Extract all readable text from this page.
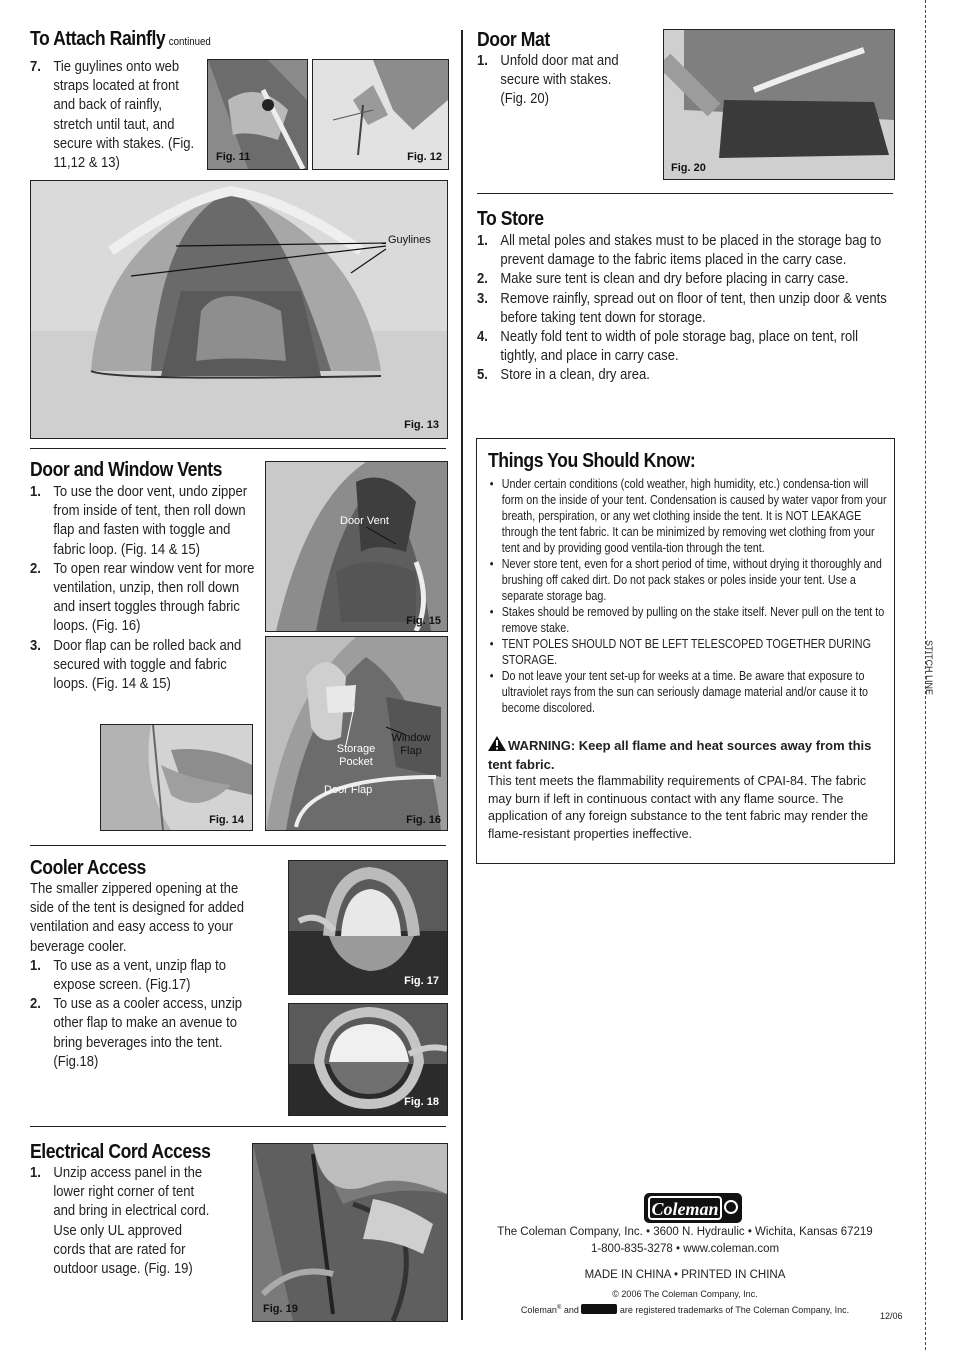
STITCH LINE
To Attach Rainfly continued
7. Tie guylines onto web straps located at front and back of rainfly, stretch until taut, and secure with stakes. (Fig. 11,12 & 13)	Fig. 11	Fig. 12
Guylines
Fig. 13
Door and Window Vents
1. To use the door vent, undo zipper from inside of tent, then roll down flap and fasten with toggle and fabric loop. (Fig. 14 & 15)
2. To open rear window vent for more ventilation, unzip, then roll down and insert toggles through fabric loops. (Fig. 16)
3. Door flap can be rolled back and secured with toggle and fabric loops. (Fig. 14 & 15)
Door Vent
Fig. 15
Storage Pocket
Window Flap
Door Flap
Fig. 16
Fig. 14
Cooler Access

The smaller zippered opening at the side of the tent is designed for added ventilation and easy access to your beverage cooler.

1. To use as a vent, unzip flap to expose screen. (Fig.17)
2. To use as a cooler access, unzip other flap to make an avenue to bring beverages into the tent. (Fig.18)
Fig. 17
Fig. 18
Electrical Cord Access
1. Unzip access panel in the lower right corner of tent and bring in electrical cord.
Use only UL approved cords that are rated for outdoor usage. (Fig. 19)
Fig. 19
Door Mat
1. Unfold door mat and secure with stakes. (Fig. 20)
Fig. 20
To Store
1. All metal poles and stakes must to be placed in the storage bag to prevent damage to the fabric items placed in the carry case.
2. Make sure tent is clean and dry before placing in carry case.
3. Remove rainfly, spread out on floor of tent, then unzip door & vents before taking tent down for storage.
4. Neatly fold tent to width of pole storage bag, place on tent, roll tightly, and place in carry case.
5. Store in a clean, dry area.
Things You Should Know:
• Under certain conditions (cold weather, high humidity, etc.) condensa-tion will form on the inside of your tent. Condensation is caused by water vapor from your breath, perspiration, or any wet clothing inside the tent. It is NOT LEAKAGE through the tent fabric. It can be minimized by removing wet clothing from your tent and by providing good ventila-tion through the tent.
• Never store tent, even for a short period of time, without drying it thoroughly and brushing off caked dirt. Do not pack stakes or poles inside your tent. Use a separate storage bag.
• Stakes should be removed by pulling on the stake itself. Never pull on the tent to remove stake.
• TENT POLES SHOULD NOT BE LEFT TELESCOPED TOGETHER DURING STORAGE.
• Do not leave your tent set-up for weeks at a time. Be aware that exposure to ultraviolet rays from the sun can seriously damage material and/or cause it to become discolored.
WARNING: Keep all flame and heat sources away from this tent fabric.
This tent meets the flammability requirements of CPAI-84. The fabric may burn if left in continuous contact with any flame source. The application of any foreign substance to the tent fabric may render the flame-resistant properties ineffective.
Coleman
The Coleman Company, Inc. • 3600 N. Hydraulic • Wichita, Kansas 67219
1-800-835-3278 • www.coleman.com
MADE IN CHINA • PRINTED IN CHINA
© 2006 The Coleman Company, Inc.
Coleman® and	are registered trademarks of The Coleman Company, Inc.
12/06
